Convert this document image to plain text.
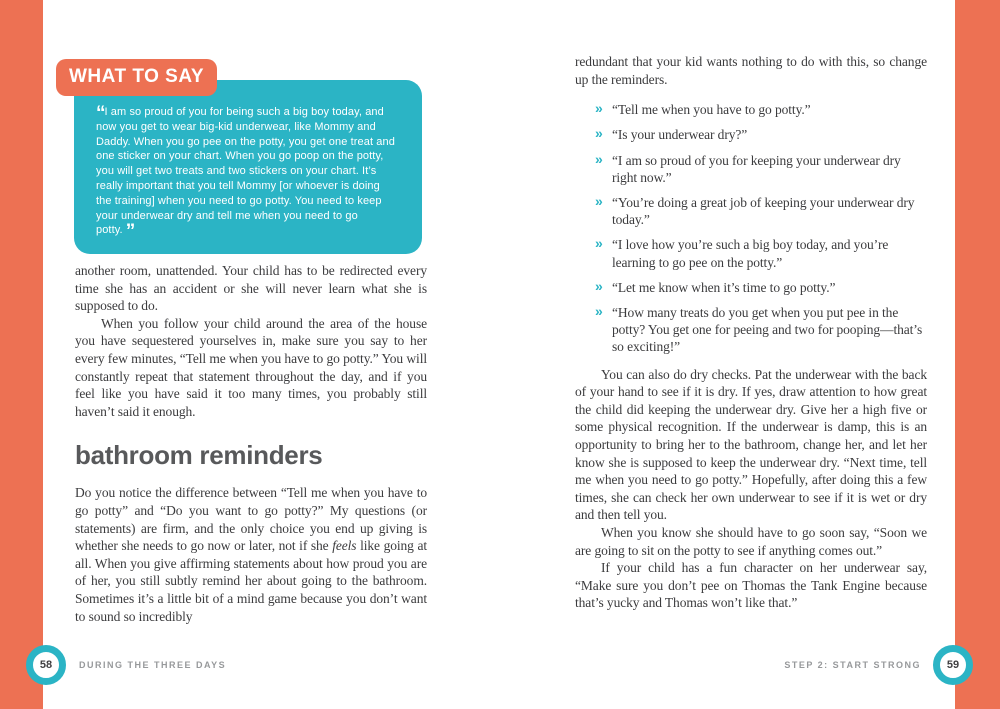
WHAT TO SAY
“I am so proud of you for being such a big boy today, and now you get to wear big-kid underwear, like Mommy and Daddy. When you go pee on the potty, you get one treat and one sticker on your chart. When you go poop on the potty, you will get two treats and two stickers on your chart. It’s really important that you tell Mommy [or whoever is doing the training] when you need to go potty. You need to keep your underwear dry and tell me when you need to go potty. ”

another room, unattended. Your child has to be redirected every time she has an accident or she will never learn what she is supposed to do.

When you follow your child around the area of the house you have sequestered yourselves in, make sure you say to her every few minutes, “Tell me when you have to go potty.” You will constantly repeat that statement throughout the day, and if you feel like you have said it too many times, you probably still haven’t said it enough.

bathroom reminders

Do you notice the difference between “Tell me when you have to go potty” and “Do you want to go potty?” My questions (or statements) are firm, and the only choice you end up giving is whether she needs to go now or later, not if she feels like going at all. When you give affirming statements about how proud you are of her, you still subtly remind her about going to the bathroom. Sometimes it’s a little bit of a mind game because you don’t want to sound so incredibly

redundant that your kid wants nothing to do with this, so change up the reminders.

» “Tell me when you have to go potty.”
» “Is your underwear dry?”
» “I am so proud of you for keeping your underwear dry right now.”
» “You’re doing a great job of keeping your underwear dry today.”
» “I love how you’re such a big boy today, and you’re learning to go pee on the potty.”
» “Let me know when it’s time to go potty.”
» “How many treats do you get when you put pee in the potty? You get one for peeing and two for pooping—that’s so exciting!”

You can also do dry checks. Pat the underwear with the back of your hand to see if it is dry. If yes, draw attention to how great the child did keeping the underwear dry. Give her a high five or some physical recognition. If the underwear is damp, this is an opportunity to bring her to the bathroom, change her, and let her know she is supposed to keep the underwear dry. “Next time, tell me when you need to go potty.” Hopefully, after doing this a few times, she can check her own underwear to see if it is wet or dry and then tell you.

When you know she should have to go soon say, “Soon we are going to sit on the potty to see if anything comes out.”

If your child has a fun character on her underwear say, “Make sure you don’t pee on Thomas the Tank Engine because that’s yucky and Thomas won’t like that.”

58	DURING THE THREE DAYS	STEP 2: START STRONG 59
